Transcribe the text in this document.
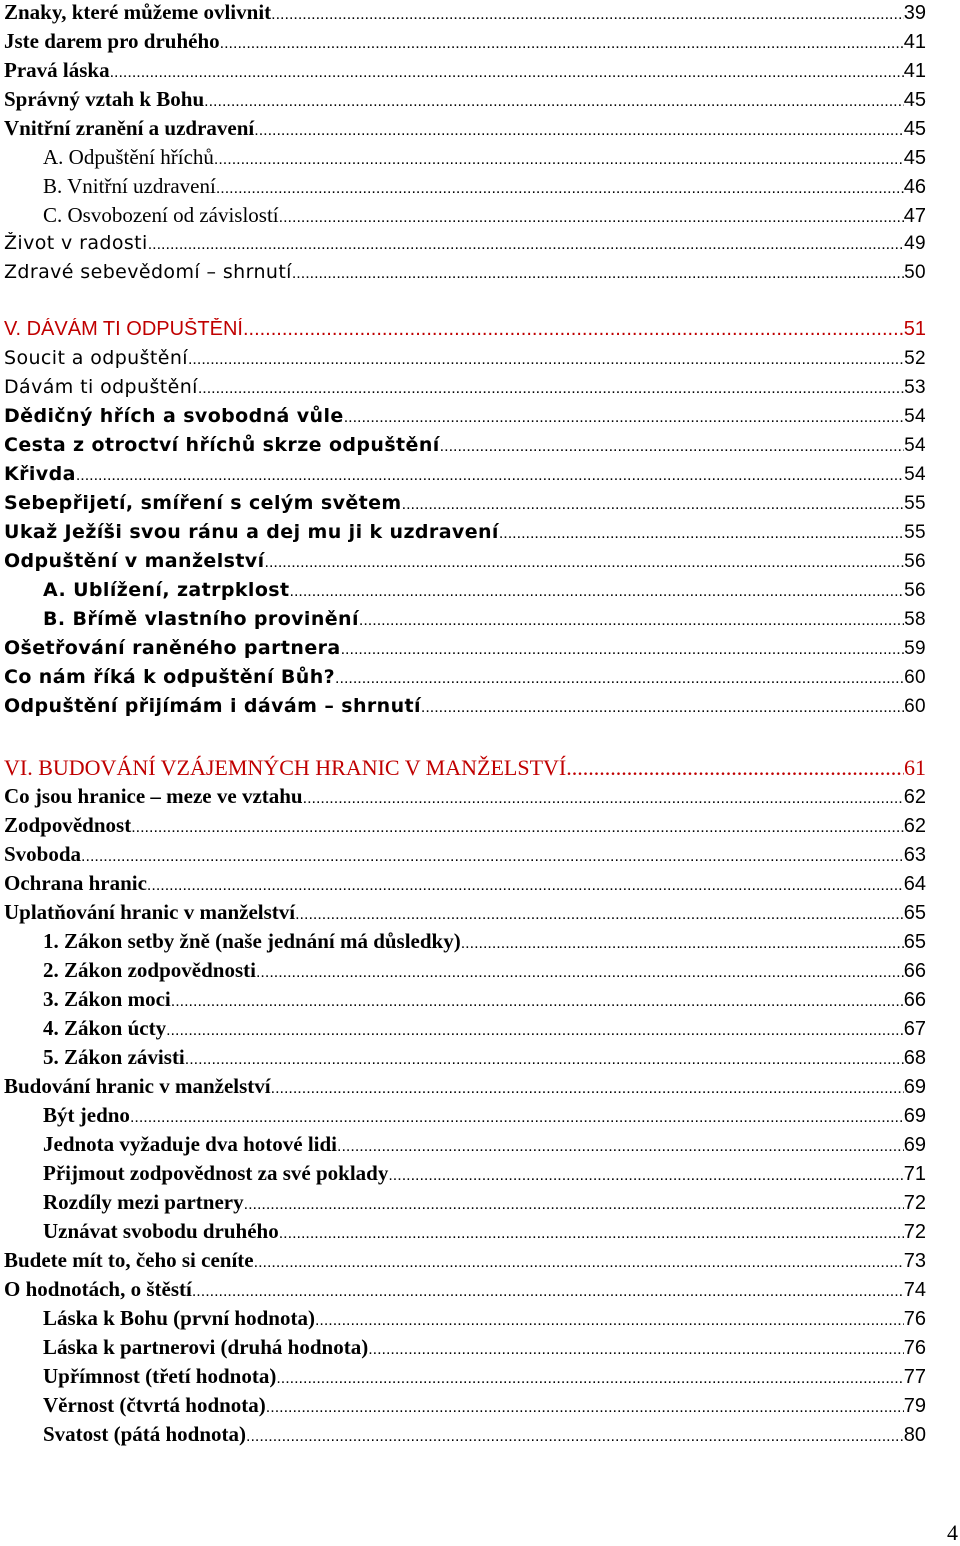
Znaky, které můžeme ovlivnit .....	39
Jste darem pro druhého .....	41
Pravá láska .....	41
Správný vztah k Bohu .....	45
Vnitřní zranění a uzdravení .....	45
A. Odpuštění hříchů .....	45
B. Vnitřní uzdravení .....	46
C. Osvobození od závislostí .....	47
Život v radosti .....	49
Zdravé sebevědomí – shrnutí .....	50
V. DÁVÁM TI ODPUŠTĚNÍ .....	51
Soucit a odpuštění .....	52
Dávám ti odpuštění .....	53
Dědičný hřích a svobodná vůle .....	54
Cesta z otroctví hříchů skrze odpuštění .....	54
Křivda .....	54
Sebepřijetí, smíření s celým světem .....	55
Ukaž Ježíši svou ránu a dej mu ji k uzdravení .....	55
Odpuštění v manželství .....	56
A. Ublížení, zatrpklost .....	56
B. Břímě vlastního provinění .....	58
Ošetřování raněného partnera .....	59
Co nám říká k odpuštění Bůh? .....	60
Odpuštění přijímám i dávám – shrnutí .....	60
VI. BUDOVÁNÍ VZÁJEMNÝCH HRANIC V MANŽELSTVÍ .....	61
Co jsou hranice – meze ve vztahu .....	62
Zodpovědnost .....	62
Svoboda .....	63
Ochrana hranic .....	64
Uplatňování hranic v manželství .....	65
1. Zákon setby žně (naše jednání má důsledky) .....	65
2. Zákon zodpovědnosti .....	66
3. Zákon moci .....	66
4. Zákon úcty .....	67
5. Zákon závisti .....	68
Budování hranic v manželství .....	69
Být jedno .....	69
Jednota vyžaduje dva hotové lidi .....	69
Přijmout zodpovědnost za své poklady .....	71
Rozdíly mezi partnery .....	72
Uznávat svobodu druhého .....	72
Budete mít to, čeho si ceníte .....	73
O hodnotách, o štěstí .....	74
Láska k Bohu (první hodnota) .....	76
Láska k partnerovi (druhá hodnota) .....	76
Upřímnost (třetí hodnota) .....	77
Věrnost (čtvrtá hodnota) .....	79
Svatost (pátá hodnota) .....	80
4
